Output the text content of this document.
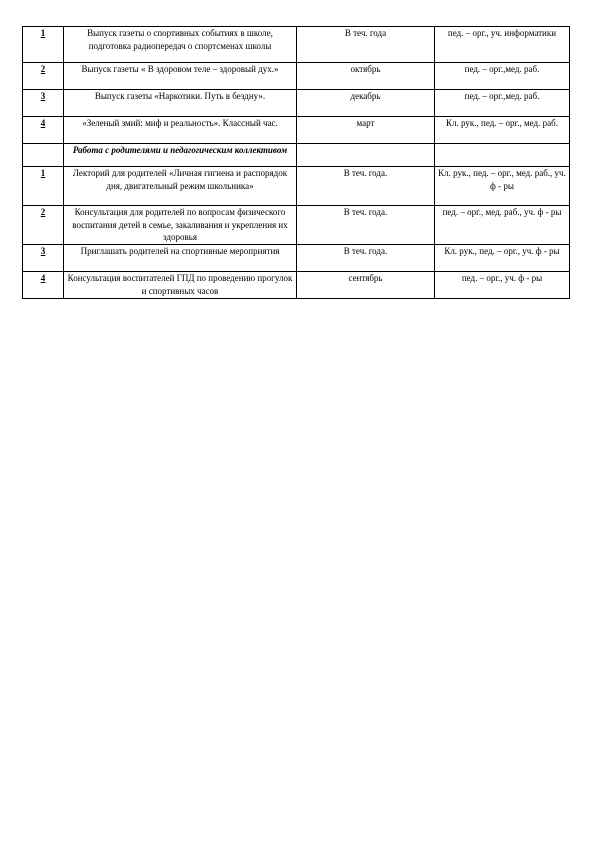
1	Выпуск газеты о спортивных событиях в школе, подготовка радиопередач о спортсменах школы	В теч. года	пед. – орг., уч. информатики
2	Выпуск газеты « В здоровом теле – здоровый дух.»	октябрь	пед. – орг.,мед. раб.
3	Выпуск газеты «Наркотики. Путь в бездну».	декабрь	пед. – орг.,мед. раб.
4	«Зеленый змий: миф и реальность». Классный час.	март	Кл. рук., пед. – орг., мед. раб.
	Работа с родителями и педагогическим коллективом		
1	Лекторий для родителей «Личная гигиена и распорядок дня, двигательный режим школьника»	В теч. года.	Кл. рук., пед. – орг., мед. раб., уч. ф - ры
2	Консультация для родителей по вопросам физического воспитания детей в семье, закаливания и укрепления их здоровья	В теч. года.	пед. – орг., мед. раб., уч. ф - ры
3	Приглашать родителей на спортивные мероприятия	В теч. года.	Кл. рук., пед. – орг., уч. ф - ры
4	Консультация воспитателей ГПД по проведению прогулок и спортивных часов	сентябрь	пед. – орг., уч. ф - ры
